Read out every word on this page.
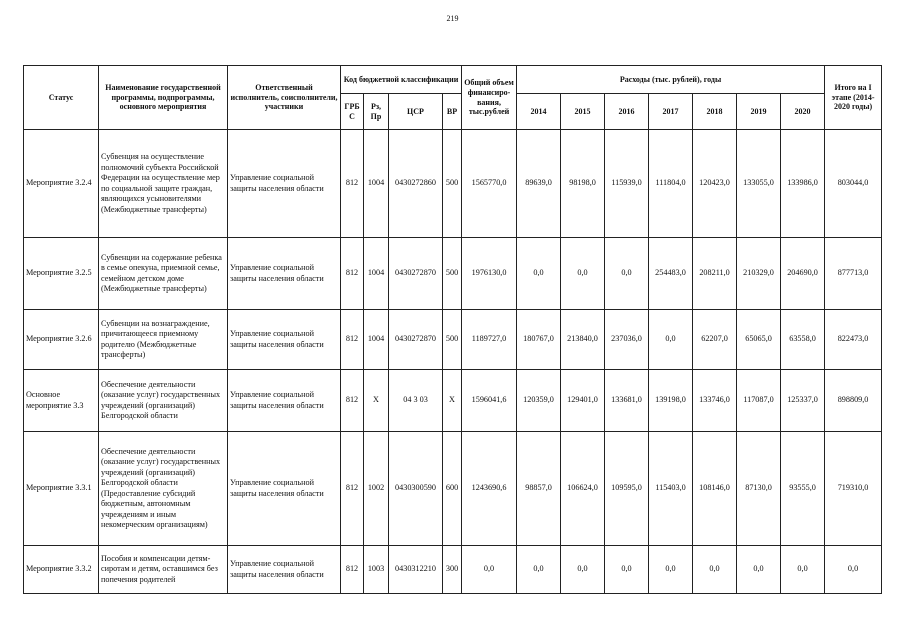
219
Статус	Наименование государственной программы, подпрограммы, основного мероприятия	Ответственный исполнитель, соисполнители, участники	Код бюджетной классификации				Общий объем финансиро- вания, тыс.рублей	Расходы (тыс. рублей), годы							Итого на I этапе (2014-2020 годы)
			ГРБ С	Рз, Пр	ЦСР	ВР		2014	2015	2016	2017	2018	2019	2020	
Мероприятие 3.2.4	Субвенция на осуществление полномочий субъекта Российской Федерации на осуществление мер по социальной защите граждан, являющихся усыновителями (Межбюджетные трансферты)	Управление социальной защиты населения области	812	1004	0430272860	500	1565770,0	89639,0	98198,0	115939,0	111804,0	120423,0	133055,0	133986,0	803044,0
Мероприятие 3.2.5	Субвенции на содержание ребенка в семье опекуна, приемной семье, семейном детском доме (Межбюджетные трансферты)	Управление социальной защиты населения области	812	1004	0430272870	500	1976130,0	0,0	0,0	0,0	254483,0	208211,0	210329,0	204690,0	877713,0
Мероприятие 3.2.6	Субвенции на вознаграждение, причитающееся приемному родителю (Межбюджетные трансферты)	Управление социальной защиты населения области	812	1004	0430272870	500	1189727,0	180767,0	213840,0	237036,0	0,0	62207,0	65065,0	63558,0	822473,0
Основное мероприятие 3.3	Обеспечение деятельности (оказание услуг) государственных учреждений (организаций) Белгородской области	Управление социальной защиты населения области	812	Х	04 3 03	Х	1596041,6	120359,0	129401,0	133681,0	139198,0	133746,0	117087,0	125337,0	898809,0
Мероприятие 3.3.1	Обеспечение деятельности (оказание услуг) государственных учреждений (организаций) Белгородской области (Предоставление субсидий бюджетным, автономным учреждениям и иным некомерческим организациям)	Управление социальной защиты населения области	812	1002	0430300590	600	1243690,6	98857,0	106624,0	109595,0	115403,0	108146,0	87130,0	93555,0	719310,0
Мероприятие 3.3.2	Пособия и компенсации детям-сиротам и детям, оставшимся без попечения родителей	Управление социальной защиты населения области	812	1003	0430312210	300	0,0	0,0	0,0	0,0	0,0	0,0	0,0	0,0	0,0
